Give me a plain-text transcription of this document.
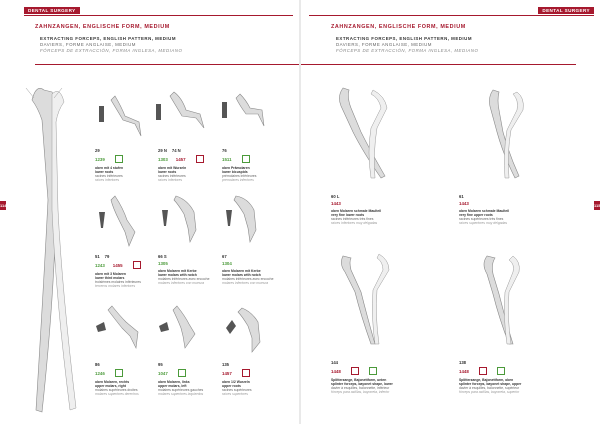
DENTAL SURGERY
ZAHNZANGEN, ENGLISCHE FORM, MEDIUM
EXTRACTING FORCEPS, ENGLISH PATTERN, MEDIUM
DAVIERS, FORME ANGLAISE, MEDIUM
FÓRCEPS DE EXTRACCIÓN, FORMA INGLESA, MEDIANO
114
29
1239
oben mit 4 stufen
lower roots
racines inférieures
raíces inferiores
29 N 74 N
1303 1457
oben mit Wurzeln
lower roots
racines inférieures
raíces inferiores
76
1511
oben Prämolaren
lower bicuspids
prémolaires inférieures
premolares inferiores
51 79
1243 1455
oben mit 3 Molaren
lower third molars
troisièmes molaires inférieures
terceros molares inferiores
66 S
1305
oben Molaren mit Kerbe
lower molars with notch
molaires inférieures avec encoche
molares inferiores con muesca
67
1304
oben Molaren mit Kerbe
lower molars with notch
molaires inférieures avec encoche
molares inferiores con muesca
86
1246
oben Molaren, rechts
upper molars, right
molaires supérieures droites
molares superiores derechos
95
1047
oben Molaren, links
upper molars, left
molaires supérieures gauches
molares superiores izquierdos
135
1457
oben 1/2 Wurzeln
upper roots
racines supérieures
raíces superiores
DENTAL SURGERY
ZAHNZANGEN, ENGLISCHE FORM, MEDIUM
EXTRACTING FORCEPS, ENGLISH PATTERN, MEDIUM
DAVIERS, FORME ANGLAISE, MEDIUM
FÓRCEPS DE EXTRACCIÓN, FORMA INGLESA, MEDIANO
115
60 L
1443
oben Molaren schmale Maulteil
very fine lower roots
racines inférieures très fines
raíces inferiores muy delgadas
61
1443
oben Molaren schmale Maulteil
very fine upper roots
racines supérieures très fines
raíces superiores muy delgadas
144
1448
Splitterzange, Bajonettform, unten
splinter forceps, bayonet shape, lower
davier à esquilles, baïonnette, inférieur
fórceps para astillas, bayoneta, inferior
138
1448
Splitterzange, Bajonettform, oben
splinter forceps, bayonet shape, upper
davier à esquilles, baïonnette, supérieur
fórceps para astillas, bayoneta, superior
